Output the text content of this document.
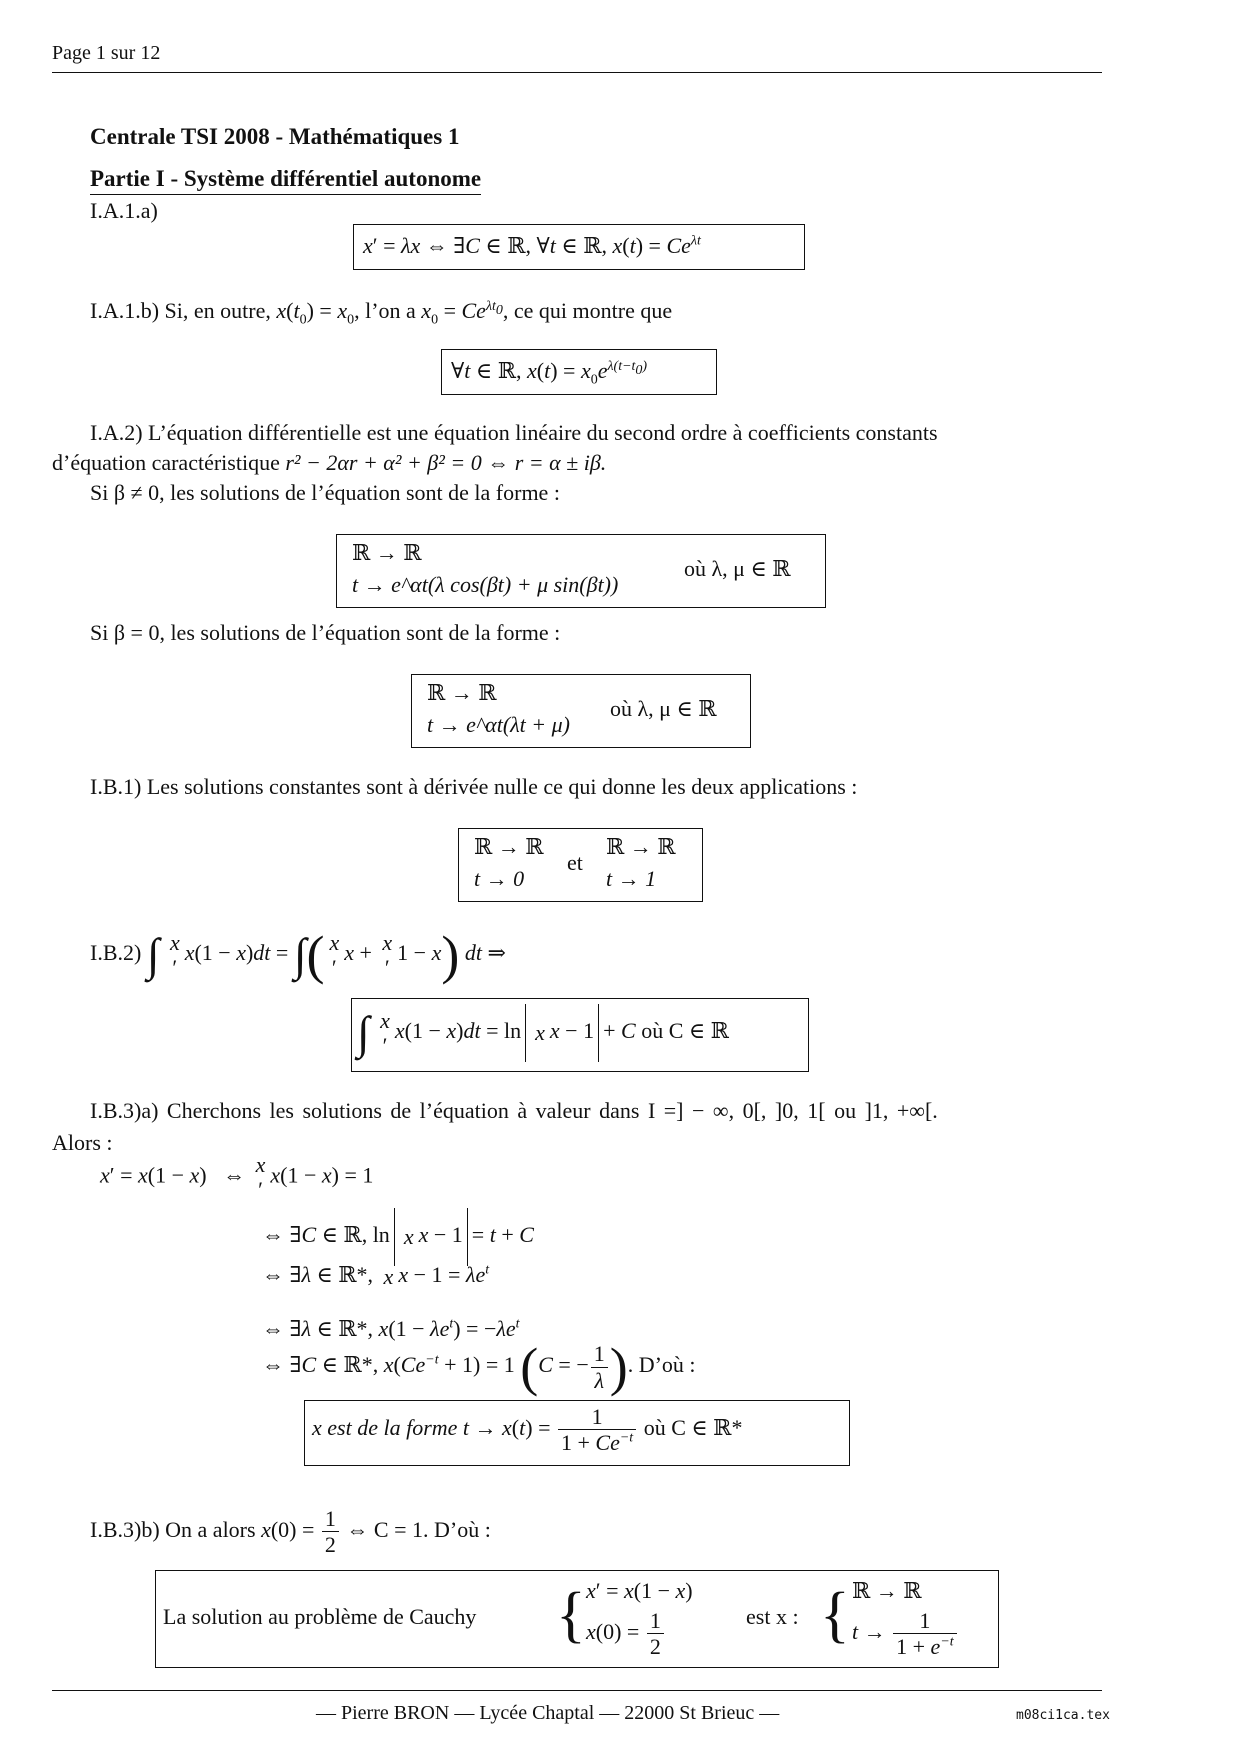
Page 1 sur 12
Centrale TSI 2008 - Mathématiques 1
Partie I - Système différentiel autonome
I.A.1.a)
x′ = λx ⇔ ∃C ∈ ℝ, ∀t ∈ ℝ, $x(t) = Ce^{\lambda t}$
I.A.1.b) Si, en outre, $x(t_0) = x_0$, l’on a $x_0 = Ce^{\lambda t_0}$, ce qui montre que
∀t ∈ ℝ, $x(t) = x_0e^{\lambda(t-t_0)}$
I.A.2) L’équation différentielle est une équation linéaire du second ordre à coefficients constants
d’équation caractéristique r² − 2αr + α² + β² = 0 ⇔ r = α ± iβ.
Si β ≠ 0, les solutions de l’équation sont de la forme :
ℝ → ℝ
t → e^αt(λ cos(βt) + μ sin(βt))
où λ, μ ∈ ℝ
Si β = 0, les solutions de l’équation sont de la forme :
ℝ → ℝ
t → e^αt(λt + μ)
où λ, μ ∈ ℝ
I.B.1) Les solutions constantes sont à dérivée nulle ce qui donne les deux applications :
ℝ → ℝ
t → 0
et
ℝ → ℝ
t → 1
I.B.2) ∫ x
′x(1 − x)dt = ∫( x
′x + x
′1 − x) dt ⇒
∫ x
′x(1 − x)dt = ln x x − 1 + C où C ∈ ℝ
I.B.3)a) Cherchons les solutions de l’équation à valeur dans I =] − ∞, 0[, ]0, 1[ ou ]1, +∞[.
Alors :
x′ = x(1 − x)   ⇔ x
′x(1 − x) = 1
⇔ ∃C ∈ ℝ, ln x x − 1 = t + C
⇔ ∃λ ∈ ℝ*, x $x - 1 = \lambda e^t$
⇔ ∃λ ∈ ℝ*, $x(1 - \lambda e^t) = -\lambda e^t$
⇔ ∃C ∈ ℝ*, $x(Ce^{-t} + 1) = 1$ (C = − $\frac{1}{\lambda}$ ). D’où :
x est de la forme $t \to x(t) = \frac{1}{1 + Ce^{-t}}$ où C ∈ ℝ*
I.B.3)b) On a alors $x(0) = \frac{1}{2}$ ⇔ C = 1. D’où :
La solution au problème de Cauchy { x′ = x(1 − x)
$x(0) = \frac{1}{2}$	est x : { ℝ → ℝ
$t \to \frac{1}{1 + e^{-t}}$
— Pierre BRON — Lycée Chaptal — 22000 St Brieuc —	m08ci1ca.tex
